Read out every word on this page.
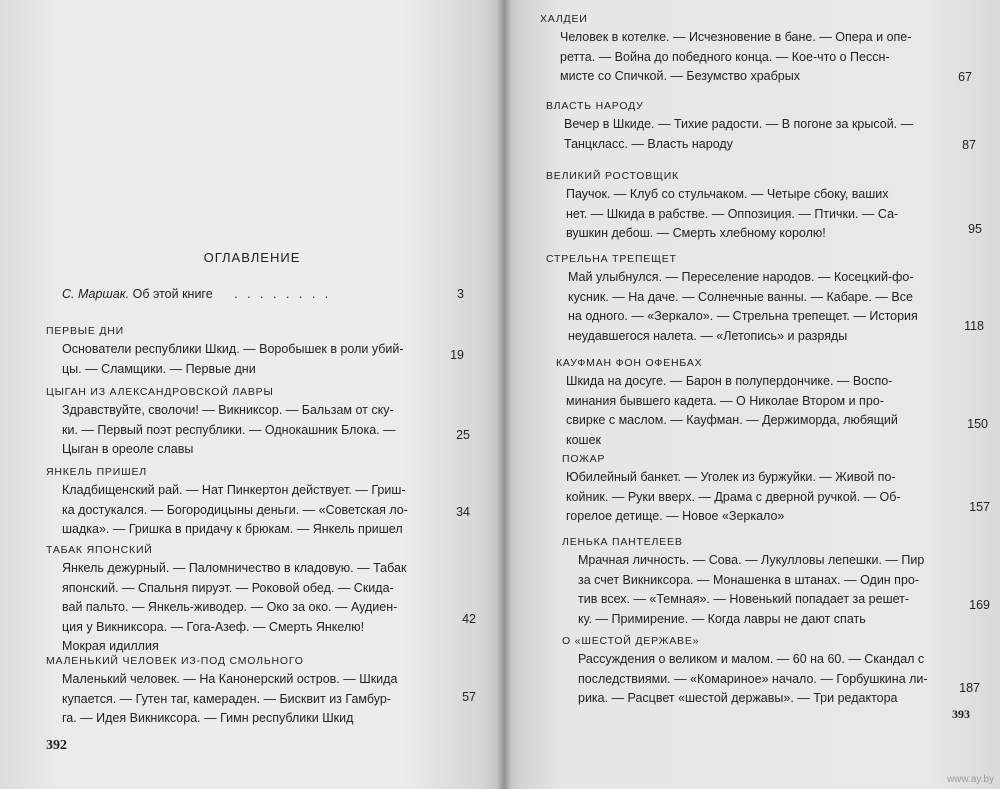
ОГЛАВЛЕНИЕ
С. Маршак. Об этой книге . . . . . . . .	3
ПЕРВЫЕ ДНИ
Основатели республики Шкид. — Воробышек в роли убий-
цы. — Сламщики. — Первые дни
19
ЦЫГАН ИЗ АЛЕКСАНДРОВСКОЙ ЛАВРЫ
Здравствуйте, сволочи! — Викниксор. — Бальзам от ску-
ки. — Первый поэт республики. — Однокашник Блока. —
Цыган в ореоле славы
25
ЯНКЕЛЬ ПРИШЕЛ
Кладбищенский рай. — Нат Пинкертон действует. — Гриш-
ка достукался. — Богородицыны деньги. — «Советская ло-
шадка». — Гришка в придачу к брюкам. — Янкель пришел
34
ТАБАК ЯПОНСКИЙ
Янкель дежурный. — Паломничество в кладовую. — Табак
японский. — Спальня пируэт. — Роковой обед. — Скида-
вай пальто. — Янкель-живодер. — Око за око. — Аудиен-
ция у Викниксора. — Гога-Азеф. — Смерть Янкелю!
Мокрая идиллия
42
МАЛЕНЬКИЙ ЧЕЛОВЕК ИЗ-ПОД СМОЛЬНОГО
Маленький человек. — На Канонерский остров. — Шкида
купается. — Гутен таг, камерaден. — Бисквит из Гамбур-
га. — Идея Викниксора. — Гимн республики Шкид
57
392
ХАЛДЕИ
Человек в котелке. — Исчезновение в бане. — Опера и опе-
ретта. — Война до победного конца. — Кое-что о Пессн-
мисте со Спичкой. — Безумство храбрых	67
ВЛАСТЬ НАРОДУ
Вечер в Шкиде. — Тихие радости. — В погоне за крысой. —
Танцкласс. — Власть народу	87
ВЕЛИКИЙ РОСТОВЩИК
Паучок. — Клуб со стульчаком. — Четыре сбоку, ваших
нет. — Шкида в рабстве. — Оппозиция. — Птички. — Са-
вушкин дебош. — Смерть хлебному королю!	95
СТРЕЛЬНА ТРЕПЕЩЕТ
Май улыбнулся. — Переселение народов. — Косецкий-фо-
кусник. — На даче. — Солнечные ванны. — Кабаре. — Все
на одного. — «Зеркало». — Стрельна трепещет. — История
неудавшегося налета. — «Летопись» и разряды
118
КАУФМАН ФОН ОФЕНБАХ
Шкида на досуге. — Барон в полупердончике. — Воспо-
минания бывшего кадета. — О Николае Втором и про-
свирке с маслом. — Кауфман. — Держиморда, любящий
кошек
150
ПОЖАР
Юбилейный банкет. — Уголек из буржуйки. — Живой по-
койник. — Руки вверх. — Драма с дверной ручкой. — Об-
горелое детище. — Новое «Зеркало»
157
ЛЕНЬКА ПАНТЕЛЕЕВ
Мрачная личность. — Сова. — Лукулловы лепешки. — Пир
за счет Викниксора. — Монашенка в штанах. — Один про-
тив всех. — «Темная». — Новенький попадает за решет-
ку. — Примирение. — Когда лавры не дают спать
169
О «ШЕСТОЙ ДЕРЖАВЕ»
Рассуждения о великом и малом. — 60 на 60. — Скандал с
последствиями. — «Комариное» начало. — Горбушкина ли-
рика. — Расцвет «шестой державы». — Три редактора
187
393
www.ay.by
